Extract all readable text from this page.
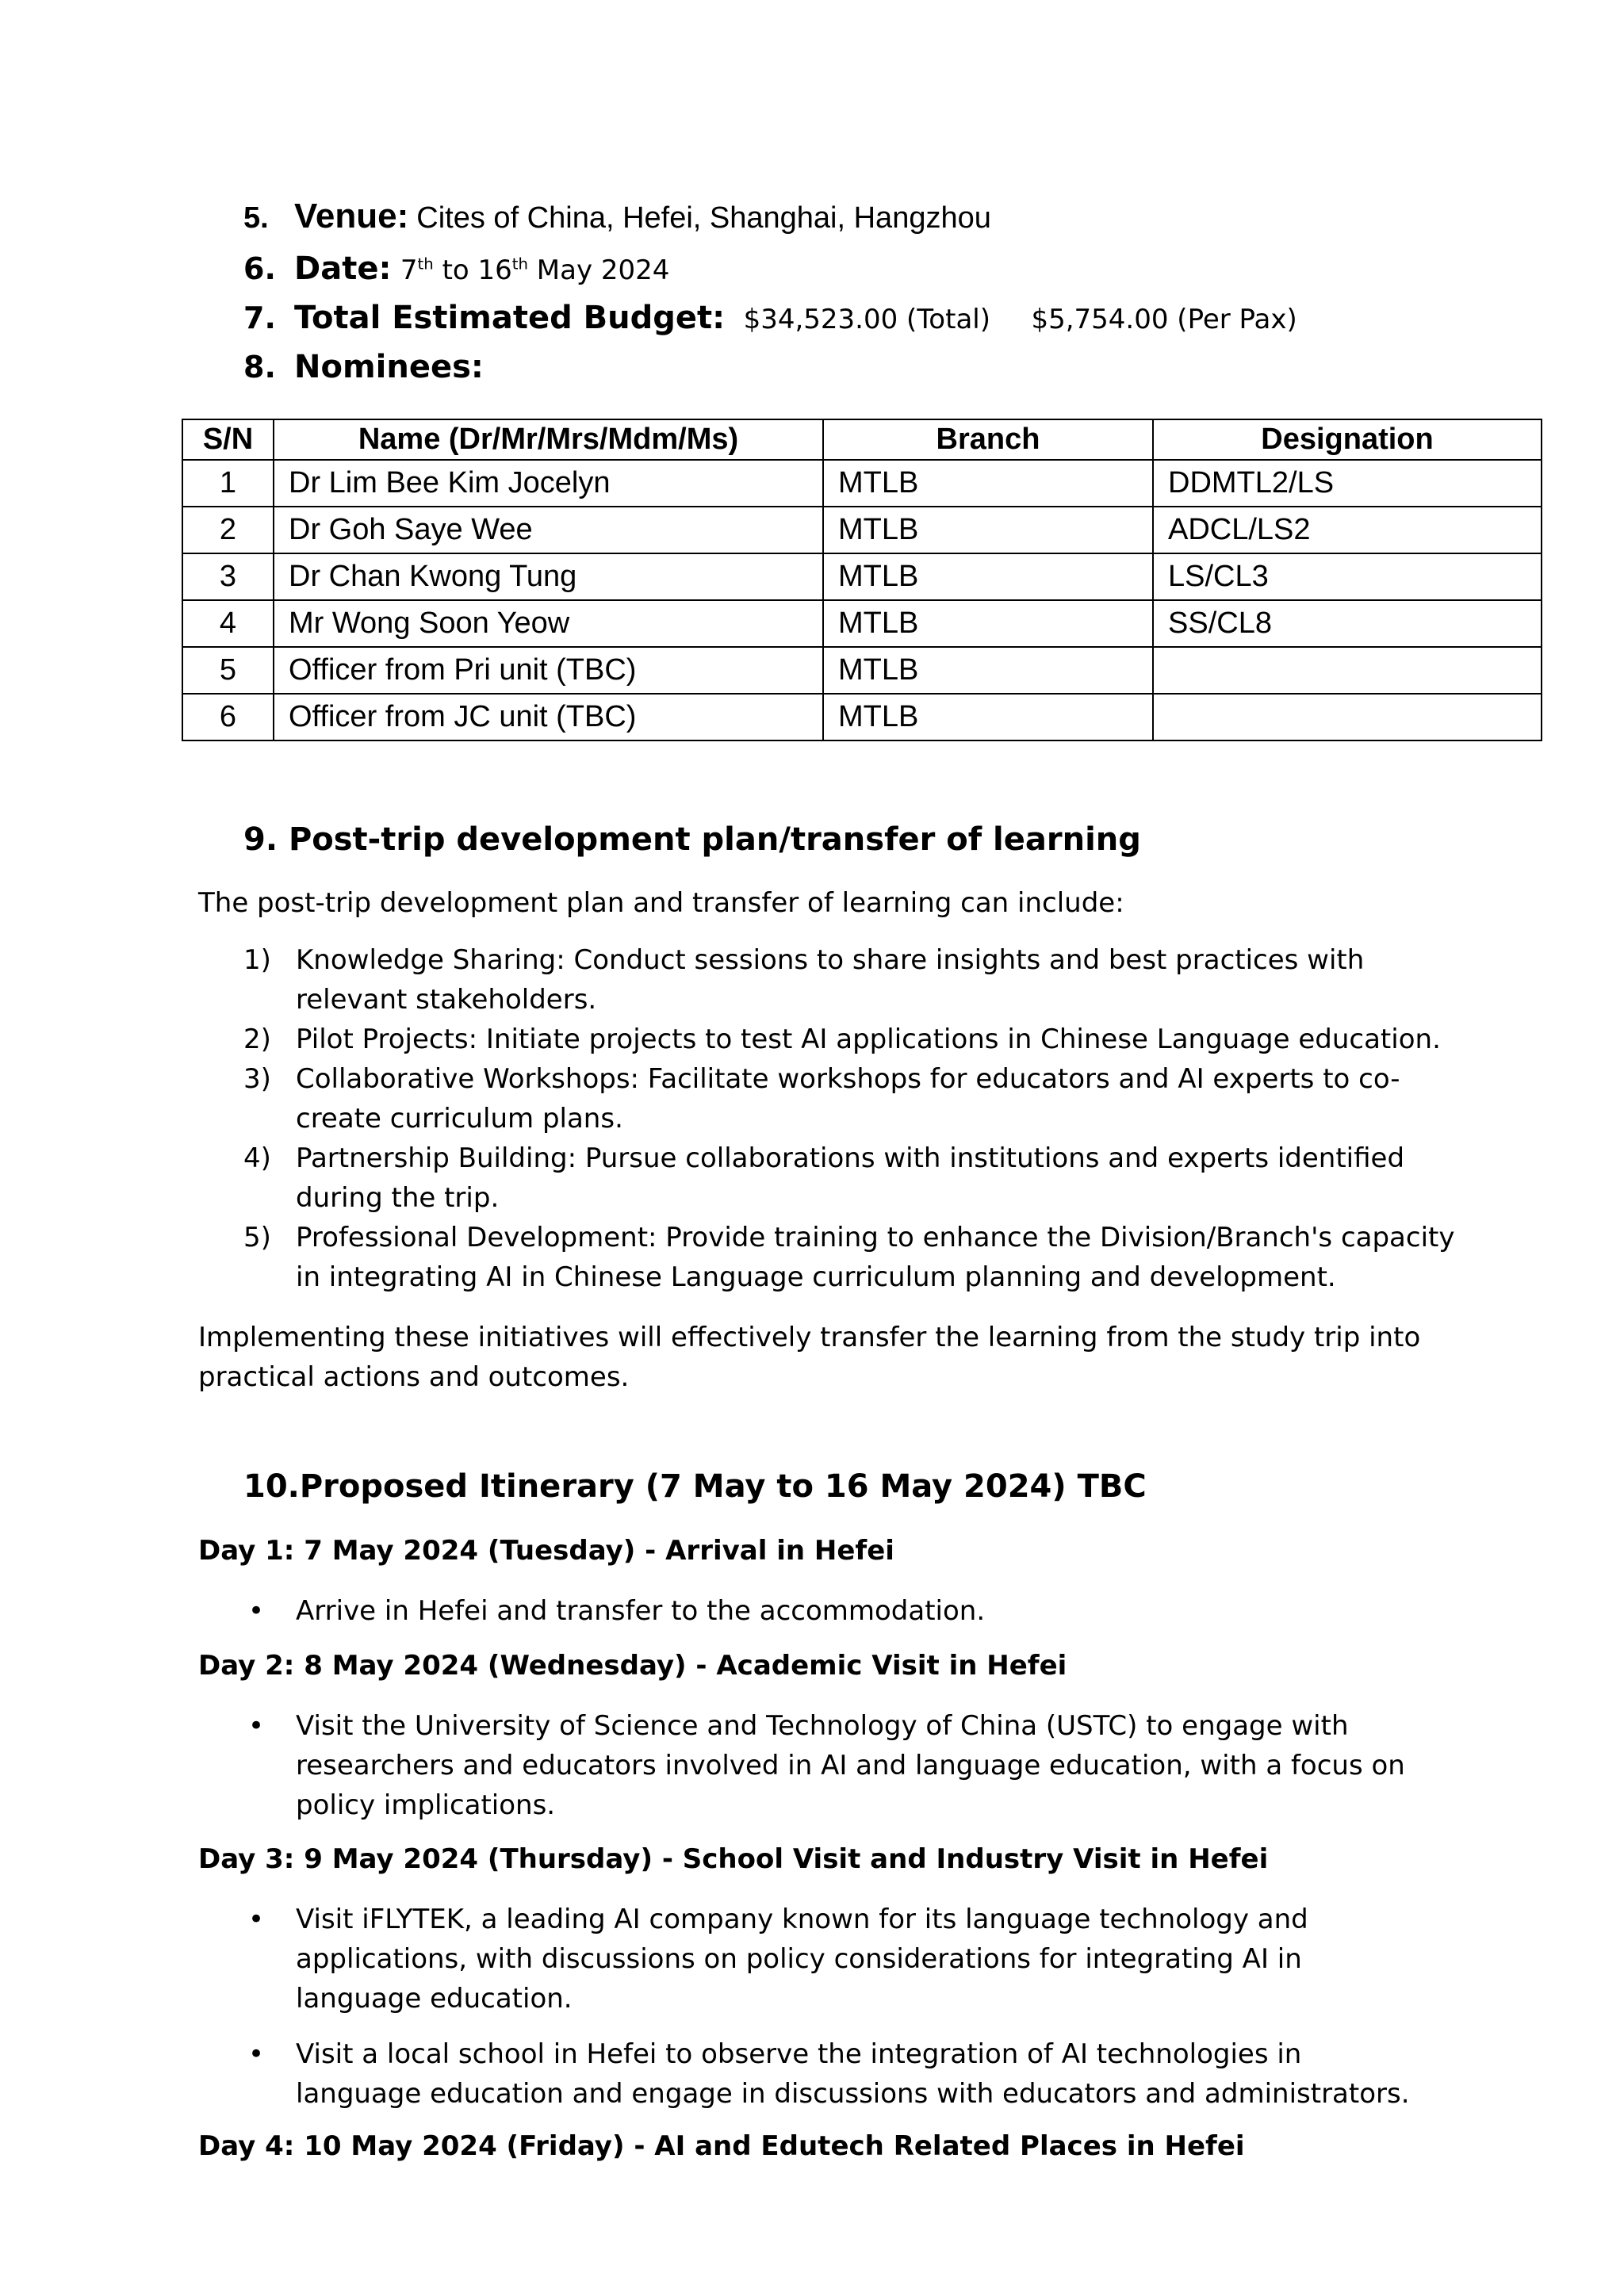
5. Venue: Cites of China, Hefei, Shanghai, Hangzhou
6. Date: 7th to 16th May 2024
7. Total Estimated Budget: $34,523.00 (Total) $5,754.00 (Per Pax)
8. Nominees:
S/N	Name (Dr/Mr/Mrs/Mdm/Ms)	Branch	Designation
1	Dr Lim Bee Kim Jocelyn	MTLB	DDMTL2/LS
2	Dr Goh Saye Wee	MTLB	ADCL/LS2
3	Dr Chan Kwong Tung	MTLB	LS/CL3
4	Mr Wong Soon Yeow	MTLB	SS/CL8
5	Officer from Pri unit (TBC)	MTLB	
6	Officer from JC unit (TBC)	MTLB	
9. Post-trip development plan/transfer of learning
The post-trip development plan and transfer of learning can include:
1) Knowledge Sharing: Conduct sessions to share insights and best practices with relevant stakeholders.
2) Pilot Projects: Initiate projects to test AI applications in Chinese Language education.
3) Collaborative Workshops: Facilitate workshops for educators and AI experts to co-create curriculum plans.
4) Partnership Building: Pursue collaborations with institutions and experts identified during the trip.
5) Professional Development: Provide training to enhance the Division/Branch's capacity in integrating AI in Chinese Language curriculum planning and development.
Implementing these initiatives will effectively transfer the learning from the study trip into practical actions and outcomes.
10.Proposed Itinerary (7 May to 16 May 2024) TBC
Day 1: 7 May 2024 (Tuesday) - Arrival in Hefei
• Arrive in Hefei and transfer to the accommodation.
Day 2: 8 May 2024 (Wednesday) - Academic Visit in Hefei
• Visit the University of Science and Technology of China (USTC) to engage with researchers and educators involved in AI and language education, with a focus on policy implications.
Day 3: 9 May 2024 (Thursday) - School Visit and Industry Visit in Hefei
• Visit iFLYTEK, a leading AI company known for its language technology and applications, with discussions on policy considerations for integrating AI in language education.
• Visit a local school in Hefei to observe the integration of AI technologies in language education and engage in discussions with educators and administrators.
Day 4: 10 May 2024 (Friday) - AI and Edutech Related Places in Hefei
